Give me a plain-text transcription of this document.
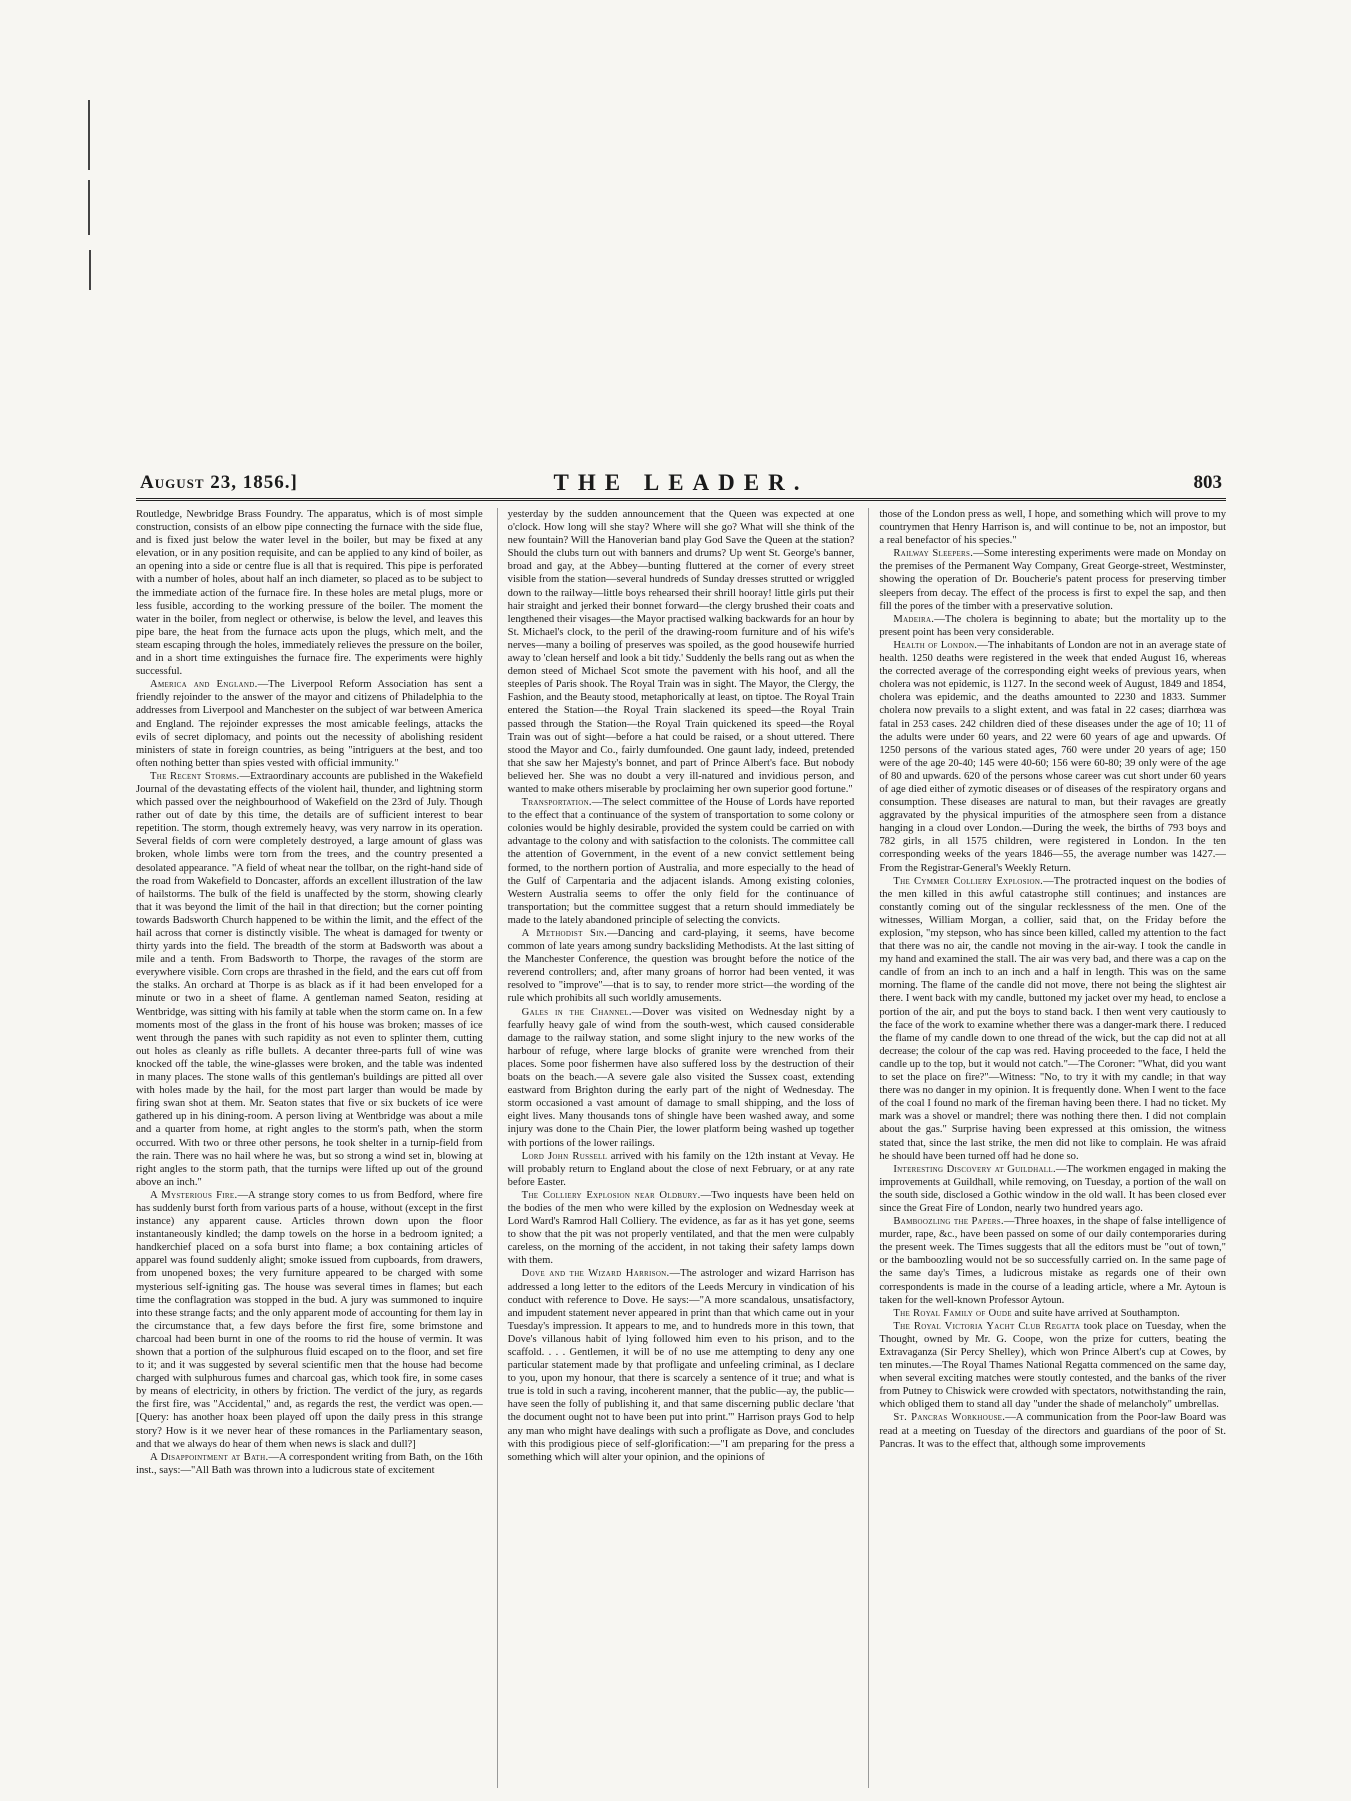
August 23, 1856.]	THE LEADER.	803

Routledge, Newbridge Brass Foundry. The apparatus, which is of most simple construction, consists of an elbow pipe connecting the furnace with the side flue, and is fixed just below the water level in the boiler, but may be fixed at any elevation, or in any position requisite, and can be applied to any kind of boiler, as an opening into a side or centre flue is all that is required. This pipe is perforated with a number of holes, about half an inch diameter, so placed as to be subject to the immediate action of the furnace fire. In these holes are metal plugs, more or less fusible, according to the working pressure of the boiler. The moment the water in the boiler, from neglect or otherwise, is below the level, and leaves this pipe bare, the heat from the furnace acts upon the plugs, which melt, and the steam escaping through the holes, immediately relieves the pressure on the boiler, and in a short time extinguishes the furnace fire. The experiments were highly successful.

America and England.—The Liverpool Reform Association has sent a friendly rejoinder to the answer of the mayor and citizens of Philadelphia to the addresses from Liverpool and Manchester on the subject of war between America and England. The rejoinder expresses the most amicable feelings, attacks the evils of secret diplomacy, and points out the necessity of abolishing resident ministers of state in foreign countries, as being "intriguers at the best, and too often nothing better than spies vested with official immunity."

The Recent Storms.—Extraordinary accounts are published in the Wakefield Journal of the devastating effects of the violent hail, thunder, and lightning storm which passed over the neighbourhood of Wakefield on the 23rd of July. Though rather out of date by this time, the details are of sufficient interest to bear repetition. The storm, though extremely heavy, was very narrow in its operation. Several fields of corn were completely destroyed, a large amount of glass was broken, whole limbs were torn from the trees, and the country presented a desolated appearance. "A field of wheat near the tollbar, on the right-hand side of the road from Wakefield to Doncaster, affords an excellent illustration of the law of hailstorms. The bulk of the field is unaffected by the storm, showing clearly that it was beyond the limit of the hail in that direction; but the corner pointing towards Badsworth Church happened to be within the limit, and the effect of the hail across that corner is distinctly visible. The wheat is damaged for twenty or thirty yards into the field. The breadth of the storm at Badsworth was about a mile and a tenth. From Badsworth to Thorpe, the ravages of the storm are everywhere visible. Corn crops are thrashed in the field, and the ears cut off from the stalks. An orchard at Thorpe is as black as if it had been enveloped for a minute or two in a sheet of flame. A gentleman named Seaton, residing at Wentbridge, was sitting with his family at table when the storm came on. In a few moments most of the glass in the front of his house was broken; masses of ice went through the panes with such rapidity as not even to splinter them, cutting out holes as cleanly as rifle bullets. A decanter three-parts full of wine was knocked off the table, the wine-glasses were broken, and the table was indented in many places. The stone walls of this gentleman's buildings are pitted all over with holes made by the hail, for the most part larger than would be made by firing swan shot at them. Mr. Seaton states that five or six buckets of ice were gathered up in his dining-room. A person living at Wentbridge was about a mile and a quarter from home, at right angles to the storm's path, when the storm occurred. With two or three other persons, he took shelter in a turnip-field from the rain. There was no hail where he was, but so strong a wind set in, blowing at right angles to the storm path, that the turnips were lifted up out of the ground above an inch."

A Mysterious Fire.—A strange story comes to us from Bedford, where fire has suddenly burst forth from various parts of a house, without (except in the first instance) any apparent cause. Articles thrown down upon the floor instantaneously kindled; the damp towels on the horse in a bedroom ignited; a handkerchief placed on a sofa burst into flame; a box containing articles of apparel was found suddenly alight; smoke issued from cupboards, from drawers, from unopened boxes; the very furniture appeared to be charged with some mysterious self-igniting gas. The house was several times in flames; but each time the conflagration was stopped in the bud. A jury was summoned to inquire into these strange facts; and the only apparent mode of accounting for them lay in the circumstance that, a few days before the first fire, some brimstone and charcoal had been burnt in one of the rooms to rid the house of vermin. It was shown that a portion of the sulphurous fluid escaped on to the floor, and set fire to it; and it was suggested by several scientific men that the house had become charged with sulphurous fumes and charcoal gas, which took fire, in some cases by means of electricity, in others by friction. The verdict of the jury, as regards the first fire, was "Accidental," and, as regards the rest, the verdict was open.—[Query: has another hoax been played off upon the daily press in this strange story? How is it we never hear of these romances in the Parliamentary season, and that we always do hear of them when news is slack and dull?]

A Disappointment at Bath.—A correspondent writing from Bath, on the 16th inst., says:—"All Bath was thrown into a ludicrous state of excitement

yesterday by the sudden announcement that the Queen was expected at one o'clock. How long will she stay? Where will she go? What will she think of the new fountain? Will the Hanoverian band play God Save the Queen at the station? Should the clubs turn out with banners and drums? Up went St. George's banner, broad and gay, at the Abbey—bunting fluttered at the corner of every street visible from the station—several hundreds of Sunday dresses strutted or wriggled down to the railway—little boys rehearsed their shrill hooray! little girls put their hair straight and jerked their bonnet forward—the clergy brushed their coats and lengthened their visages—the Mayor practised walking backwards for an hour by St. Michael's clock, to the peril of the drawing-room furniture and of his wife's nerves—many a boiling of preserves was spoiled, as the good housewife hurried away to 'clean herself and look a bit tidy.' Suddenly the bells rang out as when the demon steed of Michael Scot smote the pavement with his hoof, and all the steeples of Paris shook. The Royal Train was in sight. The Mayor, the Clergy, the Fashion, and the Beauty stood, metaphorically at least, on tiptoe. The Royal Train entered the Station—the Royal Train slackened its speed—the Royal Train passed through the Station—the Royal Train quickened its speed—the Royal Train was out of sight—before a hat could be raised, or a shout uttered. There stood the Mayor and Co., fairly dumfounded. One gaunt lady, indeed, pretended that she saw her Majesty's bonnet, and part of Prince Albert's face. But nobody believed her. She was no doubt a very ill-natured and invidious person, and wanted to make others miserable by proclaiming her own superior good fortune."

Transportation.—The select committee of the House of Lords have reported to the effect that a continuance of the system of transportation to some colony or colonies would be highly desirable, provided the system could be carried on with advantage to the colony and with satisfaction to the colonists. The committee call the attention of Government, in the event of a new convict settlement being formed, to the northern portion of Australia, and more especially to the head of the Gulf of Carpentaria and the adjacent islands. Among existing colonies, Western Australia seems to offer the only field for the continuance of transportation; but the committee suggest that a return should immediately be made to the lately abandoned principle of selecting the convicts.

A Methodist Sin.—Dancing and card-playing, it seems, have become common of late years among sundry backsliding Methodists. At the last sitting of the Manchester Conference, the question was brought before the notice of the reverend controllers; and, after many groans of horror had been vented, it was resolved to "improve"—that is to say, to render more strict—the wording of the rule which prohibits all such worldly amusements.

Gales in the Channel.—Dover was visited on Wednesday night by a fearfully heavy gale of wind from the south-west, which caused considerable damage to the railway station, and some slight injury to the new works of the harbour of refuge, where large blocks of granite were wrenched from their places. Some poor fishermen have also suffered loss by the destruction of their boats on the beach.—A severe gale also visited the Sussex coast, extending eastward from Brighton during the early part of the night of Wednesday. The storm occasioned a vast amount of damage to small shipping, and the loss of eight lives. Many thousands tons of shingle have been washed away, and some injury was done to the Chain Pier, the lower platform being washed up together with portions of the lower railings.

Lord John Russell arrived with his family on the 12th instant at Vevay. He will probably return to England about the close of next February, or at any rate before Easter.

The Colliery Explosion near Oldbury.—Two inquests have been held on the bodies of the men who were killed by the explosion on Wednesday week at Lord Ward's Ramrod Hall Colliery. The evidence, as far as it has yet gone, seems to show that the pit was not properly ventilated, and that the men were culpably careless, on the morning of the accident, in not taking their safety lamps down with them.

Dove and the Wizard Harrison.—The astrologer and wizard Harrison has addressed a long letter to the editors of the Leeds Mercury in vindication of his conduct with reference to Dove. He says:—"A more scandalous, unsatisfactory, and impudent statement never appeared in print than that which came out in your Tuesday's impression. It appears to me, and to hundreds more in this town, that Dove's villanous habit of lying followed him even to his prison, and to the scaffold. . . . Gentlemen, it will be of no use me attempting to deny any one particular statement made by that profligate and unfeeling criminal, as I declare to you, upon my honour, that there is scarcely a sentence of it true; and what is true is told in such a raving, incoherent manner, that the public—ay, the public—have seen the folly of publishing it, and that same discerning public declare 'that the document ought not to have been put into print.'" Harrison prays God to help any man who might have dealings with such a profligate as Dove, and concludes with this prodigious piece of self-glorification:—"I am preparing for the press a something which will alter your opinion, and the opinions of

those of the London press as well, I hope, and something which will prove to my countrymen that Henry Harrison is, and will continue to be, not an impostor, but a real benefactor of his species."

Railway Sleepers.—Some interesting experiments were made on Monday on the premises of the Permanent Way Company, Great George-street, Westminster, showing the operation of Dr. Boucherie's patent process for preserving timber sleepers from decay. The effect of the process is first to expel the sap, and then fill the pores of the timber with a preservative solution.

Madeira.—The cholera is beginning to abate; but the mortality up to the present point has been very considerable.

Health of London.—The inhabitants of London are not in an average state of health. 1250 deaths were registered in the week that ended August 16, whereas the corrected average of the corresponding eight weeks of previous years, when cholera was not epidemic, is 1127. In the second week of August, 1849 and 1854, cholera was epidemic, and the deaths amounted to 2230 and 1833. Summer cholera now prevails to a slight extent, and was fatal in 22 cases; diarrhœa was fatal in 253 cases. 242 children died of these diseases under the age of 10; 11 of the adults were under 60 years, and 22 were 60 years of age and upwards. Of 1250 persons of the various stated ages, 760 were under 20 years of age; 150 were of the age 20-40; 145 were 40-60; 156 were 60-80; 39 only were of the age of 80 and upwards. 620 of the persons whose career was cut short under 60 years of age died either of zymotic diseases or of diseases of the respiratory organs and consumption. These diseases are natural to man, but their ravages are greatly aggravated by the physical impurities of the atmosphere seen from a distance hanging in a cloud over London.—During the week, the births of 793 boys and 782 girls, in all 1575 children, were registered in London. In the ten corresponding weeks of the years 1846—55, the average number was 1427.—From the Registrar-General's Weekly Return.

The Cymmer Colliery Explosion.—The protracted inquest on the bodies of the men killed in this awful catastrophe still continues; and instances are constantly coming out of the singular recklessness of the men. One of the witnesses, William Morgan, a collier, said that, on the Friday before the explosion, "my stepson, who has since been killed, called my attention to the fact that there was no air, the candle not moving in the air-way. I took the candle in my hand and examined the stall. The air was very bad, and there was a cap on the candle of from an inch to an inch and a half in length. This was on the same morning. The flame of the candle did not move, there not being the slightest air there. I went back with my candle, buttoned my jacket over my head, to enclose a portion of the air, and put the boys to stand back. I then went very cautiously to the face of the work to examine whether there was a danger-mark there. I reduced the flame of my candle down to one thread of the wick, but the cap did not at all decrease; the colour of the cap was red. Having proceeded to the face, I held the candle up to the top, but it would not catch."—The Coroner: "What, did you want to set the place on fire?"—Witness: "No, to try it with my candle; in that way there was no danger in my opinion. It is frequently done. When I went to the face of the coal I found no mark of the fireman having been there. I had no ticket. My mark was a shovel or mandrel; there was nothing there then. I did not complain about the gas." Surprise having been expressed at this omission, the witness stated that, since the last strike, the men did not like to complain. He was afraid he should have been turned off had he done so.

Interesting Discovery at Guildhall.—The workmen engaged in making the improvements at Guildhall, while removing, on Tuesday, a portion of the wall on the south side, disclosed a Gothic window in the old wall. It has been closed ever since the Great Fire of London, nearly two hundred years ago.

Bamboozling the Papers.—Three hoaxes, in the shape of false intelligence of murder, rape, &c., have been passed on some of our daily contemporaries during the present week. The Times suggests that all the editors must be "out of town," or the bamboozling would not be so successfully carried on. In the same page of the same day's Times, a ludicrous mistake as regards one of their own correspondents is made in the course of a leading article, where a Mr. Aytoun is taken for the well-known Professor Aytoun.

The Royal Family of Oude and suite have arrived at Southampton.

The Royal Victoria Yacht Club Regatta took place on Tuesday, when the Thought, owned by Mr. G. Coope, won the prize for cutters, beating the Extravaganza (Sir Percy Shelley), which won Prince Albert's cup at Cowes, by ten minutes.—The Royal Thames National Regatta commenced on the same day, when several exciting matches were stoutly contested, and the banks of the river from Putney to Chiswick were crowded with spectators, notwithstanding the rain, which obliged them to stand all day "under the shade of melancholy" umbrellas.

St. Pancras Workhouse.—A communication from the Poor-law Board was read at a meeting on Tuesday of the directors and guardians of the poor of St. Pancras. It was to the effect that, although some improvements
